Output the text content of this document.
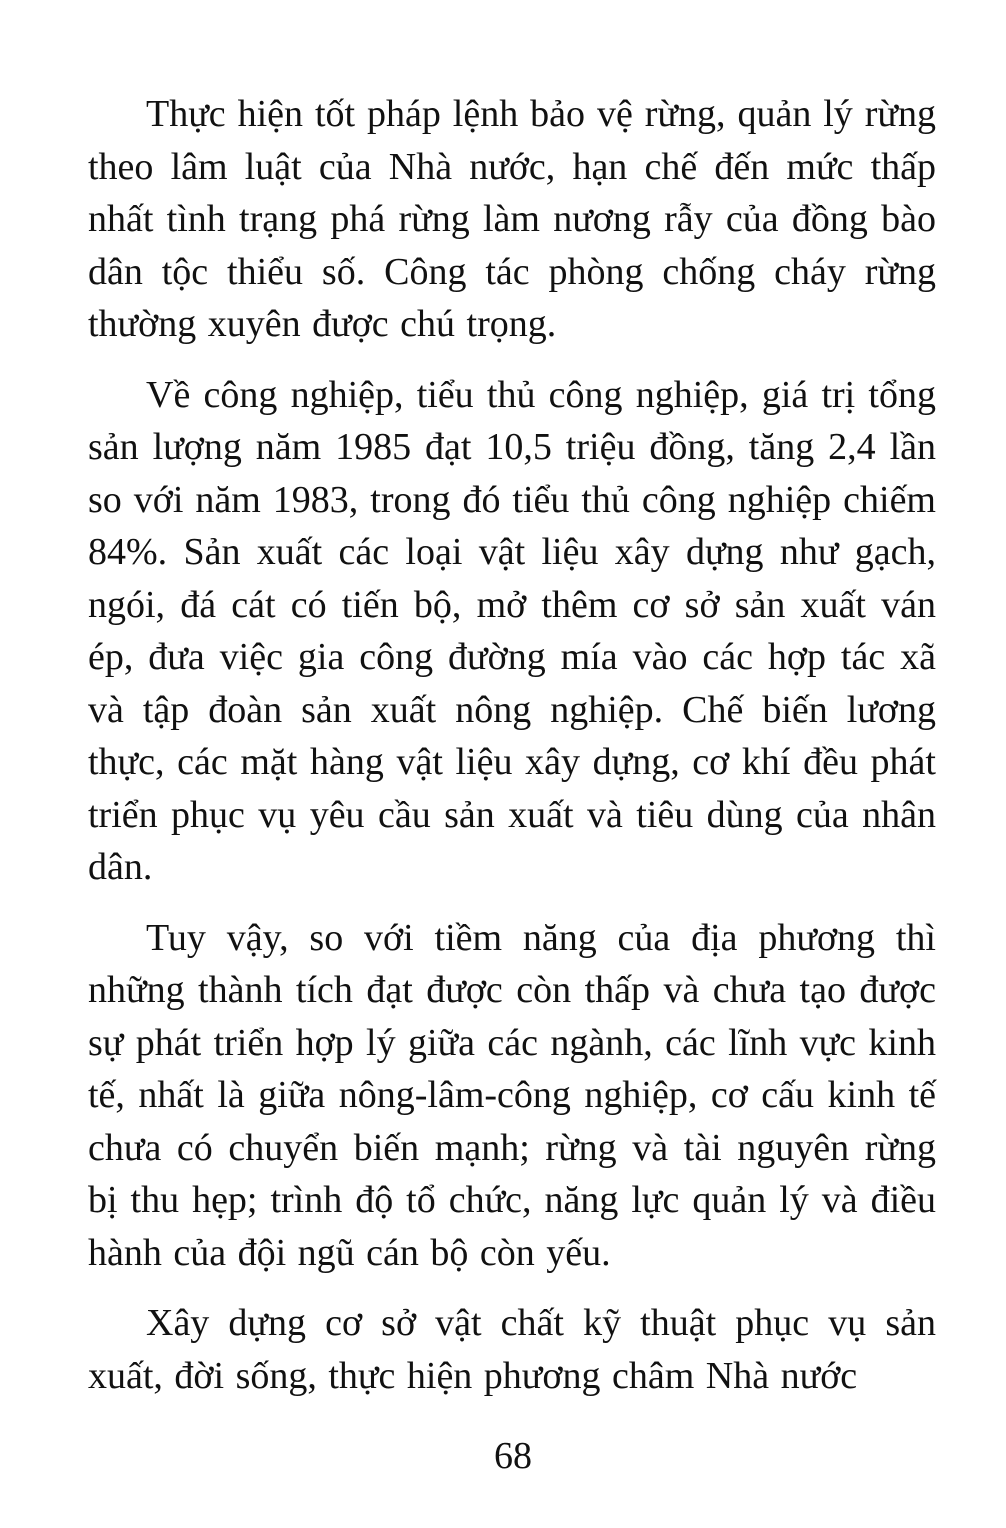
Thực hiện tốt pháp lệnh bảo vệ rừng, quản lý rừng theo lâm luật của Nhà nước, hạn chế đến mức thấp nhất tình trạng phá rừng làm nương rẫy của đồng bào dân tộc thiểu số. Công tác phòng chống cháy rừng thường xuyên được chú trọng.

Về công nghiệp, tiểu thủ công nghiệp, giá trị tổng sản lượng năm 1985 đạt 10,5 triệu đồng, tăng 2,4 lần so với năm 1983, trong đó tiểu thủ công nghiệp chiếm 84%. Sản xuất các loại vật liệu xây dựng như gạch, ngói, đá cát có tiến bộ, mở thêm cơ sở sản xuất ván ép, đưa việc gia công đường mía vào các hợp tác xã và tập đoàn sản xuất nông nghiệp. Chế biến lương thực, các mặt hàng vật liệu xây dựng, cơ khí đều phát triển phục vụ yêu cầu sản xuất và tiêu dùng của nhân dân.

Tuy vậy, so với tiềm năng của địa phương thì những thành tích đạt được còn thấp và chưa tạo được sự phát triển hợp lý giữa các ngành, các lĩnh vực kinh tế, nhất là giữa nông-lâm-công nghiệp, cơ cấu kinh tế chưa có chuyển biến mạnh; rừng và tài nguyên rừng bị thu hẹp; trình độ tổ chức, năng lực quản lý và điều hành của đội ngũ cán bộ còn yếu.

Xây dựng cơ sở vật chất kỹ thuật phục vụ sản xuất, đời sống, thực hiện phương châm Nhà nước

68
